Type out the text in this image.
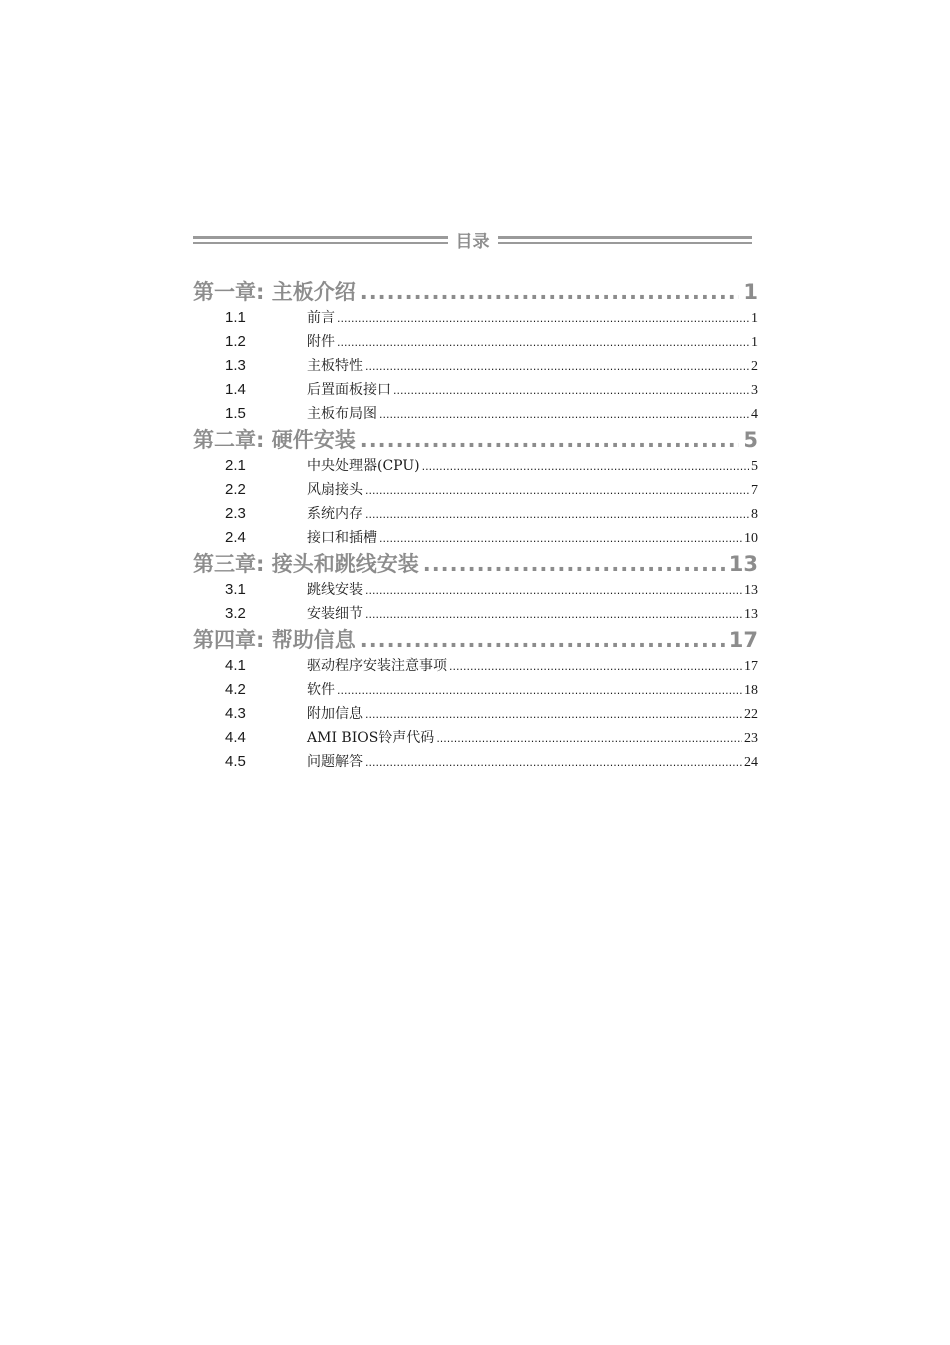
目录
第一章: 主板介绍 .....	1
1.1	前言 .....	1
1.2	附件 .....	1
1.3	主板特性 .....	2
1.4	后置面板接口 .....	3
1.5	主板布局图 .....	4
第二章: 硬件安装 .....	5
2.1	中央处理器(CPU) .....	5
2.2	风扇接头 .....	7
2.3	系统内存 .....	8
2.4	接口和插槽 .....	10
第三章: 接头和跳线安装 .....	13
3.1	跳线安装 .....	13
3.2	安装细节 .....	13
第四章: 帮助信息 .....	17
4.1	驱动程序安装注意事项 .....	17
4.2	软件 .....	18
4.3	附加信息 .....	22
4.4	AMI BIOS铃声代码 .....	23
4.5	问题解答 .....	24
